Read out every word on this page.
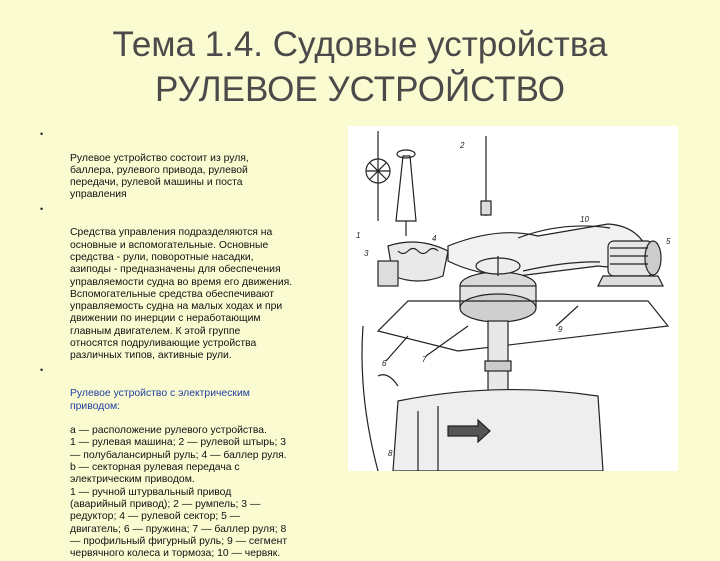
Тема 1.4. Судовые устройства
РУЛЕВОЕ УСТРОЙСТВО

•

Рулевое устройство состоит из руля,
баллера, рулевого привода, рулевой
передачи, рулевой машины и поста
управления

•

Средства управления подразделяются на
основные и вспомогательные. Основные
средства - рули, поворотные насадки,
азиподы - предназначены для обеспечения
управляемости судна во время его движения.
Вспомогательные средства обеспечивают
управляемость судна на малых ходах и при
движении по инерции с неработающим
главным двигателем. К этой группе
относятся подруливающие устройства
различных типов, активные рули.

•

Рулевое устройство с электрическим
приводом:

а — расположение рулевого устройства.
1 — рулевая машина; 2 — рулевой штырь; 3
— полубалансирный руль; 4 — баллер руля.
b — секторная рулевая передача с
электрическим приводом.
1 — ручной штурвальный привод
(аварийный привод); 2 — румпель; 3 —
редуктор; 4 — рулевой сектор; 5 —
двигатель; 6 — пружина; 7 — баллер руля; 8
— профильный фигурный руль; 9 — сегмент
червячного колеса и тормоза; 10 — червяк.

1
2
3
4	5
6	7
8
9
10
